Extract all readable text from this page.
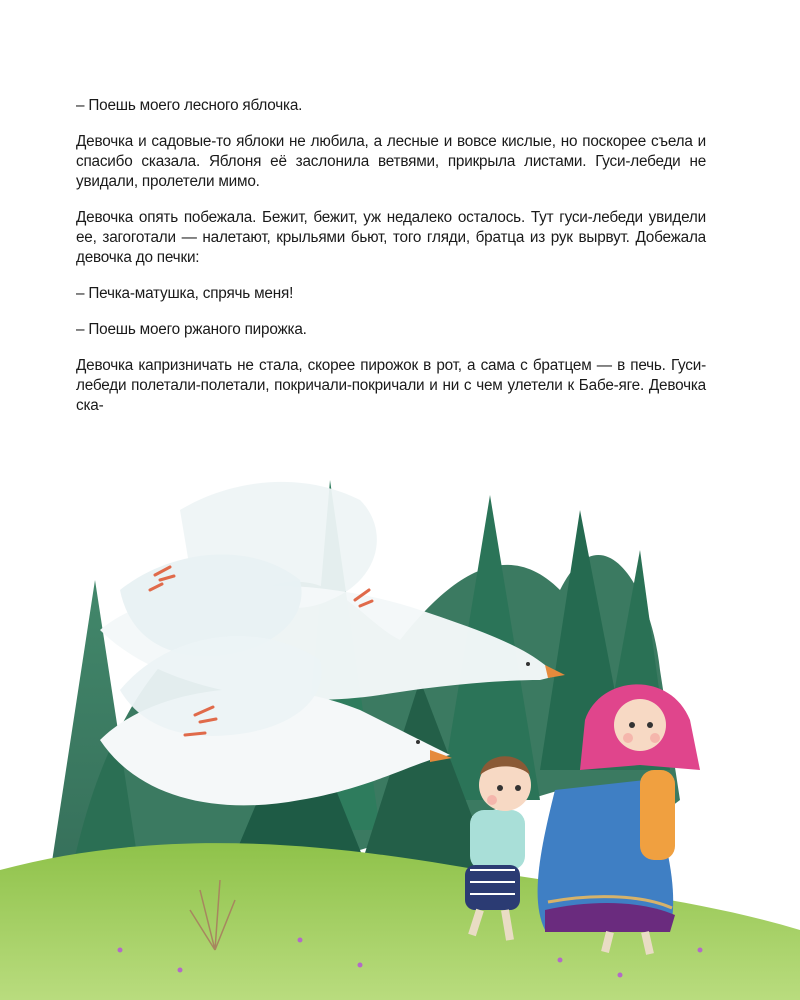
– Поешь моего лесного яблочка.

Девочка и садовые-то яблоки не любила, а лесные и вовсе кислые, но поскорее съела и спасибо сказала. Яблоня её заслонила ветвями, прикрыла листами. Гуси-лебеди не увидали, пролетели мимо.

Девочка опять побежала. Бежит, бежит, уж недалеко осталось. Тут гуси-лебеди увидели ее, загоготали — налетают, крыльями бьют, того гляди, братца из рук вырвут. Добежала девочка до печки:

– Печка-матушка, спрячь меня!

– Поешь моего ржаного пирожка.

Девочка капризничать не стала, скорее пирожок в рот, а сама с братцем — в печь. Гуси-лебеди полетали-полетали, покричали-покричали и ни с чем улетели к Бабе-яге. Девочка ска-
